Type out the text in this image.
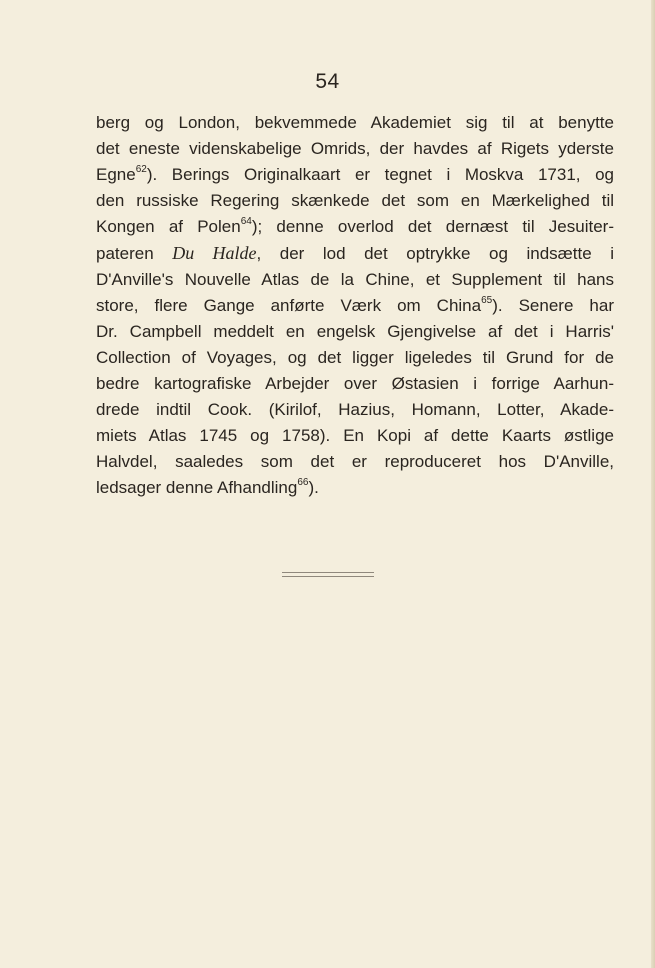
54

berg og London, bekvemmede Akademiet sig til at benytte
det eneste videnskabelige Omrids, der havdes af Rigets yderste
Egne$^{62}$). Berings Originalkaart er tegnet i Moskva 1731, og
den russiske Regering skænkede det som en Mærkelighed til
Kongen af Polen$^{64}$); denne overlod det dernæst til Jesuiter-
pateren Du Halde, der lod det optrykke og indsætte i
D'Anville's Nouvelle Atlas de la Chine, et Supplement til hans
store, flere Gange anførte Værk om China$^{65}$). Senere har
Dr. Campbell meddelt en engelsk Gjengivelse af det i Harris'
Collection of Voyages, og det ligger ligeledes til Grund for de
bedre kartografiske Arbejder over Østasien i forrige Aarhun-
drede indtil Cook. (Kirilof, Hazius, Homann, Lotter, Akade-
miets Atlas 1745 og 1758). En Kopi af dette Kaarts østlige
Halvdel, saaledes som det er reproduceret hos D'Anville,
ledsager denne Afhandling$^{66}$).
